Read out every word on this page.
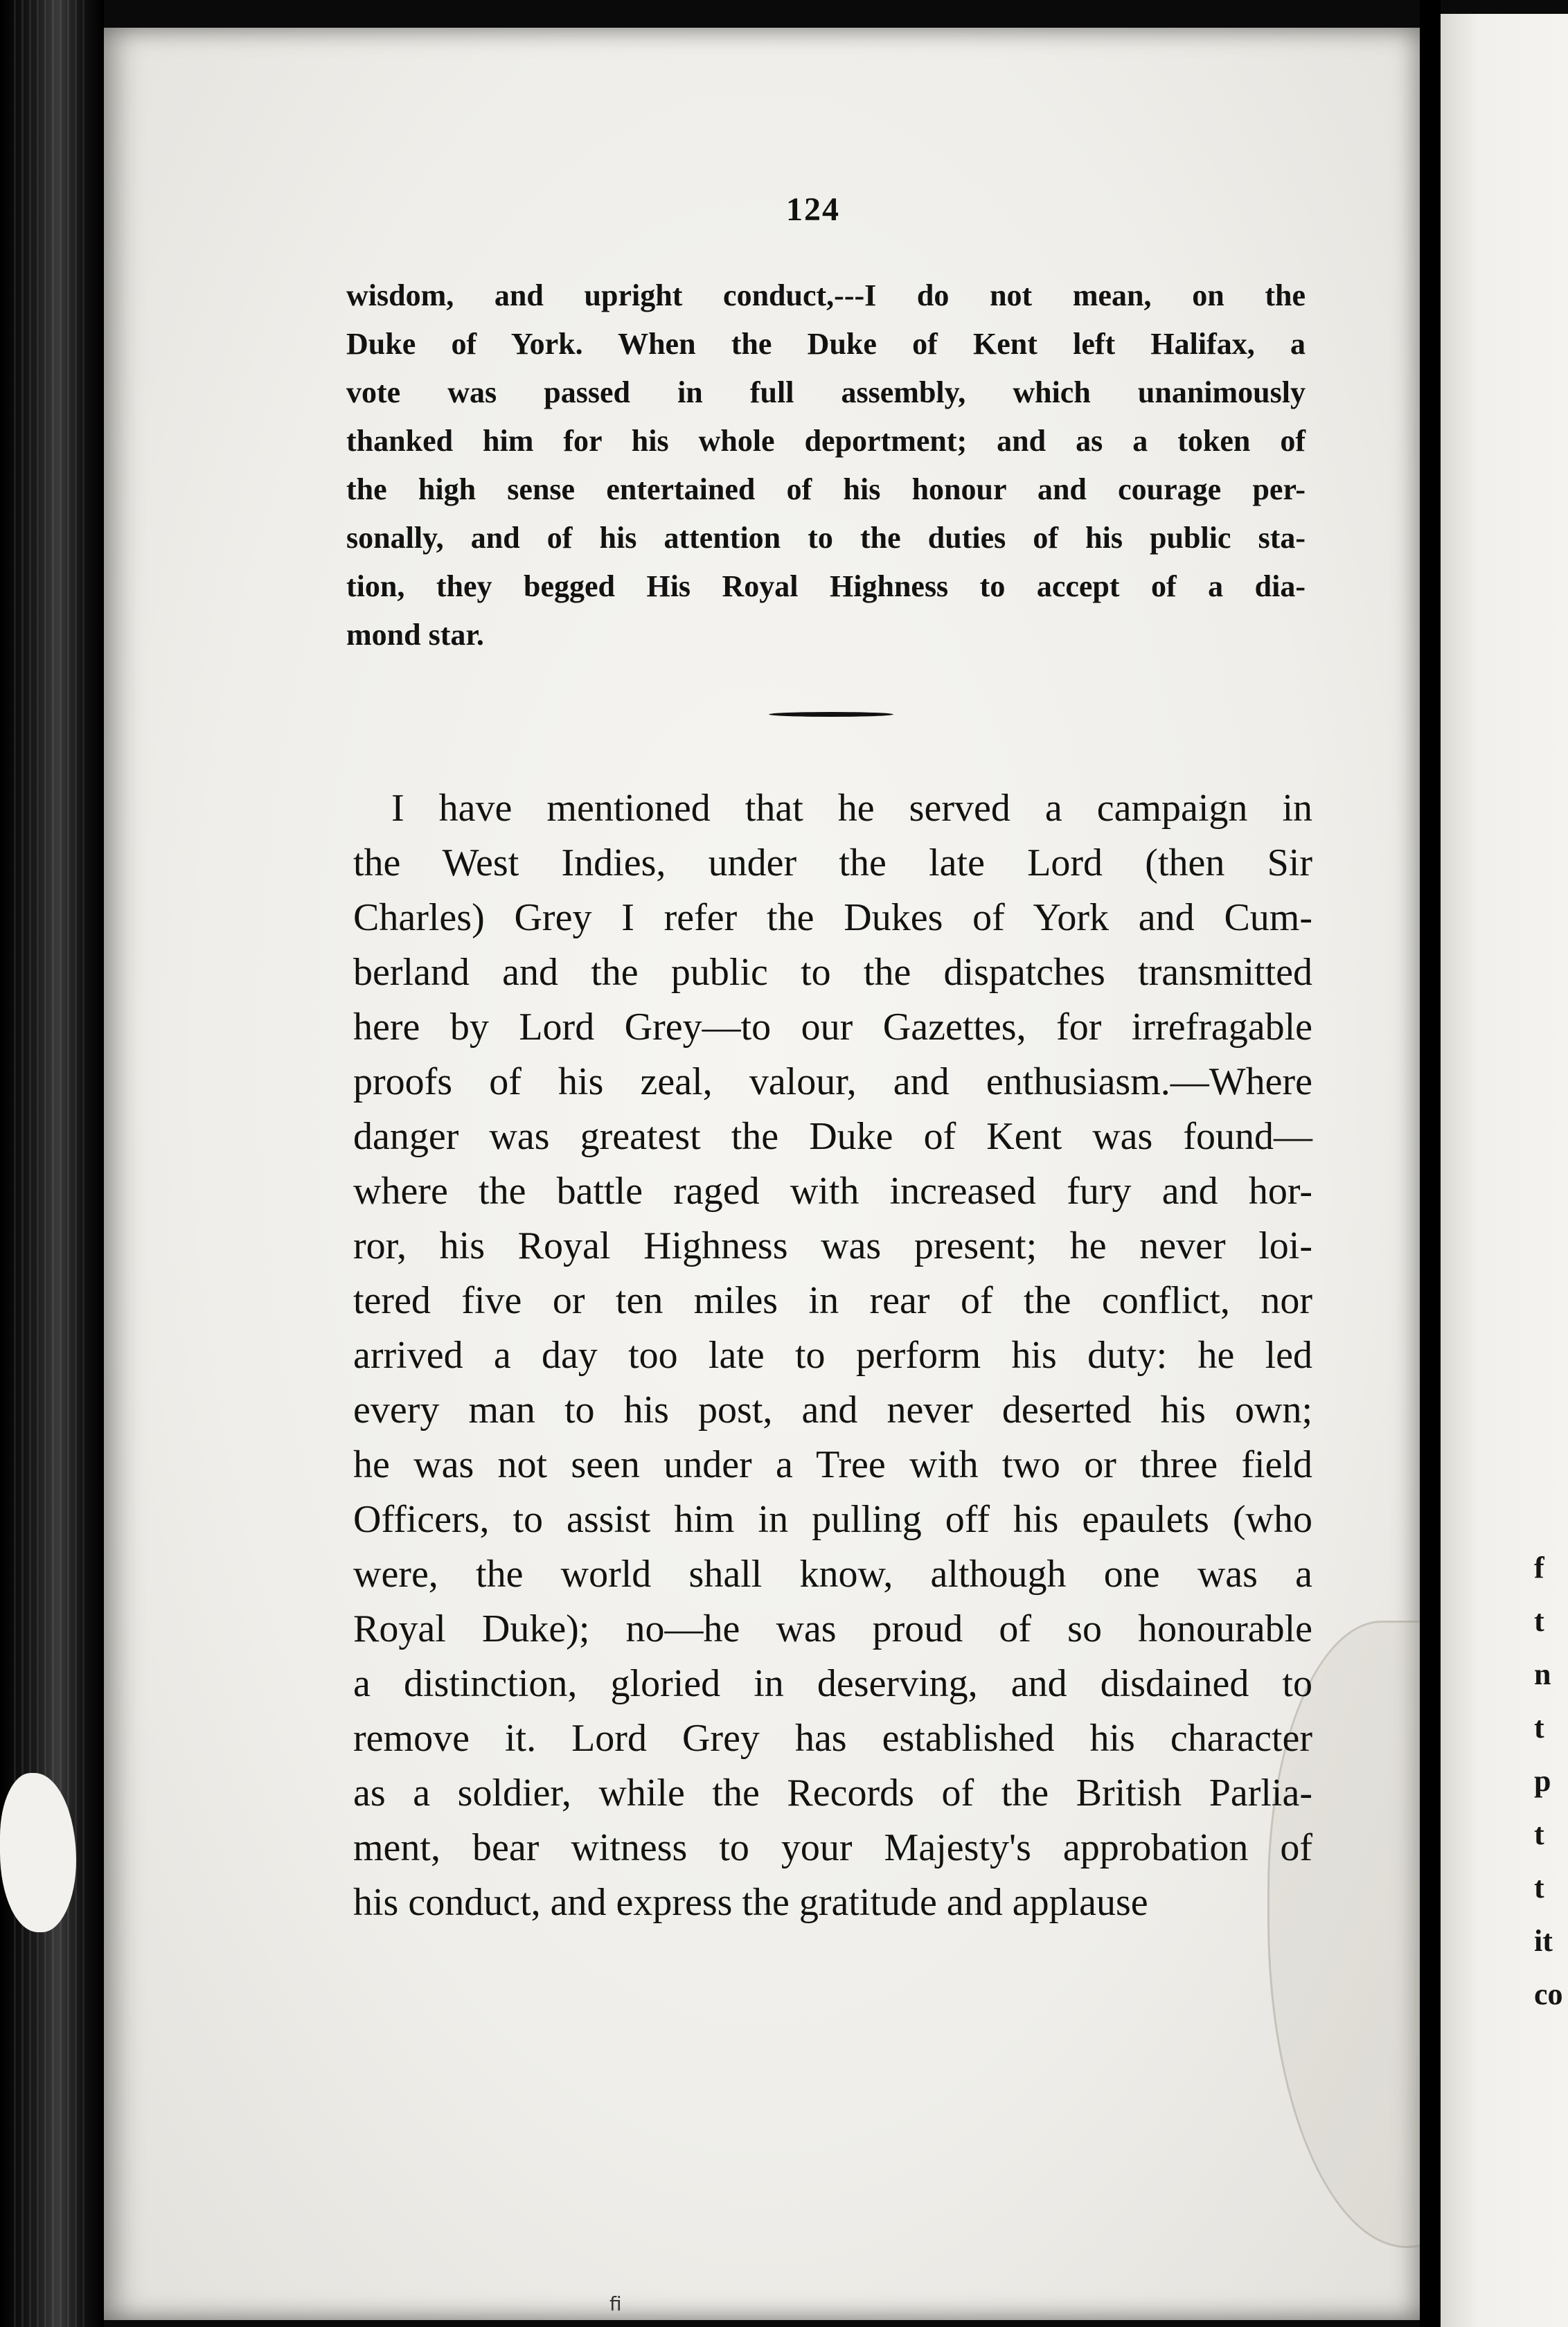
124
wisdom, and upright conduct,---I do not mean, on the
Duke of York. When the Duke of Kent left Halifax, a
vote was passed in full assembly, which unanimously
thanked him for his whole deportment; and as a token of
the high sense entertained of his honour and courage per-
sonally, and of his attention to the duties of his public sta-
tion, they begged His Royal Highness to accept of a dia-
mond star.
I have mentioned that he served a campaign in
the West Indies, under the late Lord (then Sir
Charles) Grey I refer the Dukes of York and Cum-
berland and the public to the dispatches transmitted
here by Lord Grey—to our Gazettes, for irrefragable
proofs of his zeal, valour, and enthusiasm.—Where
danger was greatest the Duke of Kent was found—
where the battle raged with increased fury and hor-
ror, his Royal Highness was present; he never loi-
tered five or ten miles in rear of the conflict, nor
arrived a day too late to perform his duty: he led
every man to his post, and never deserted his own;
he was not seen under a Tree with two or three field
Officers, to assist him in pulling off his epaulets (who
were, the world shall know, although one was a
Royal Duke); no—he was proud of so honourable
a distinction, gloried in deserving, and disdained to
remove it. Lord Grey has established his character
as a soldier, while the Records of the British Parlia-
ment, bear witness to your Majesty's approbation of
his conduct, and express the gratitude and applause
f
t
n
t
p
t
t
it
co
ﬁ
